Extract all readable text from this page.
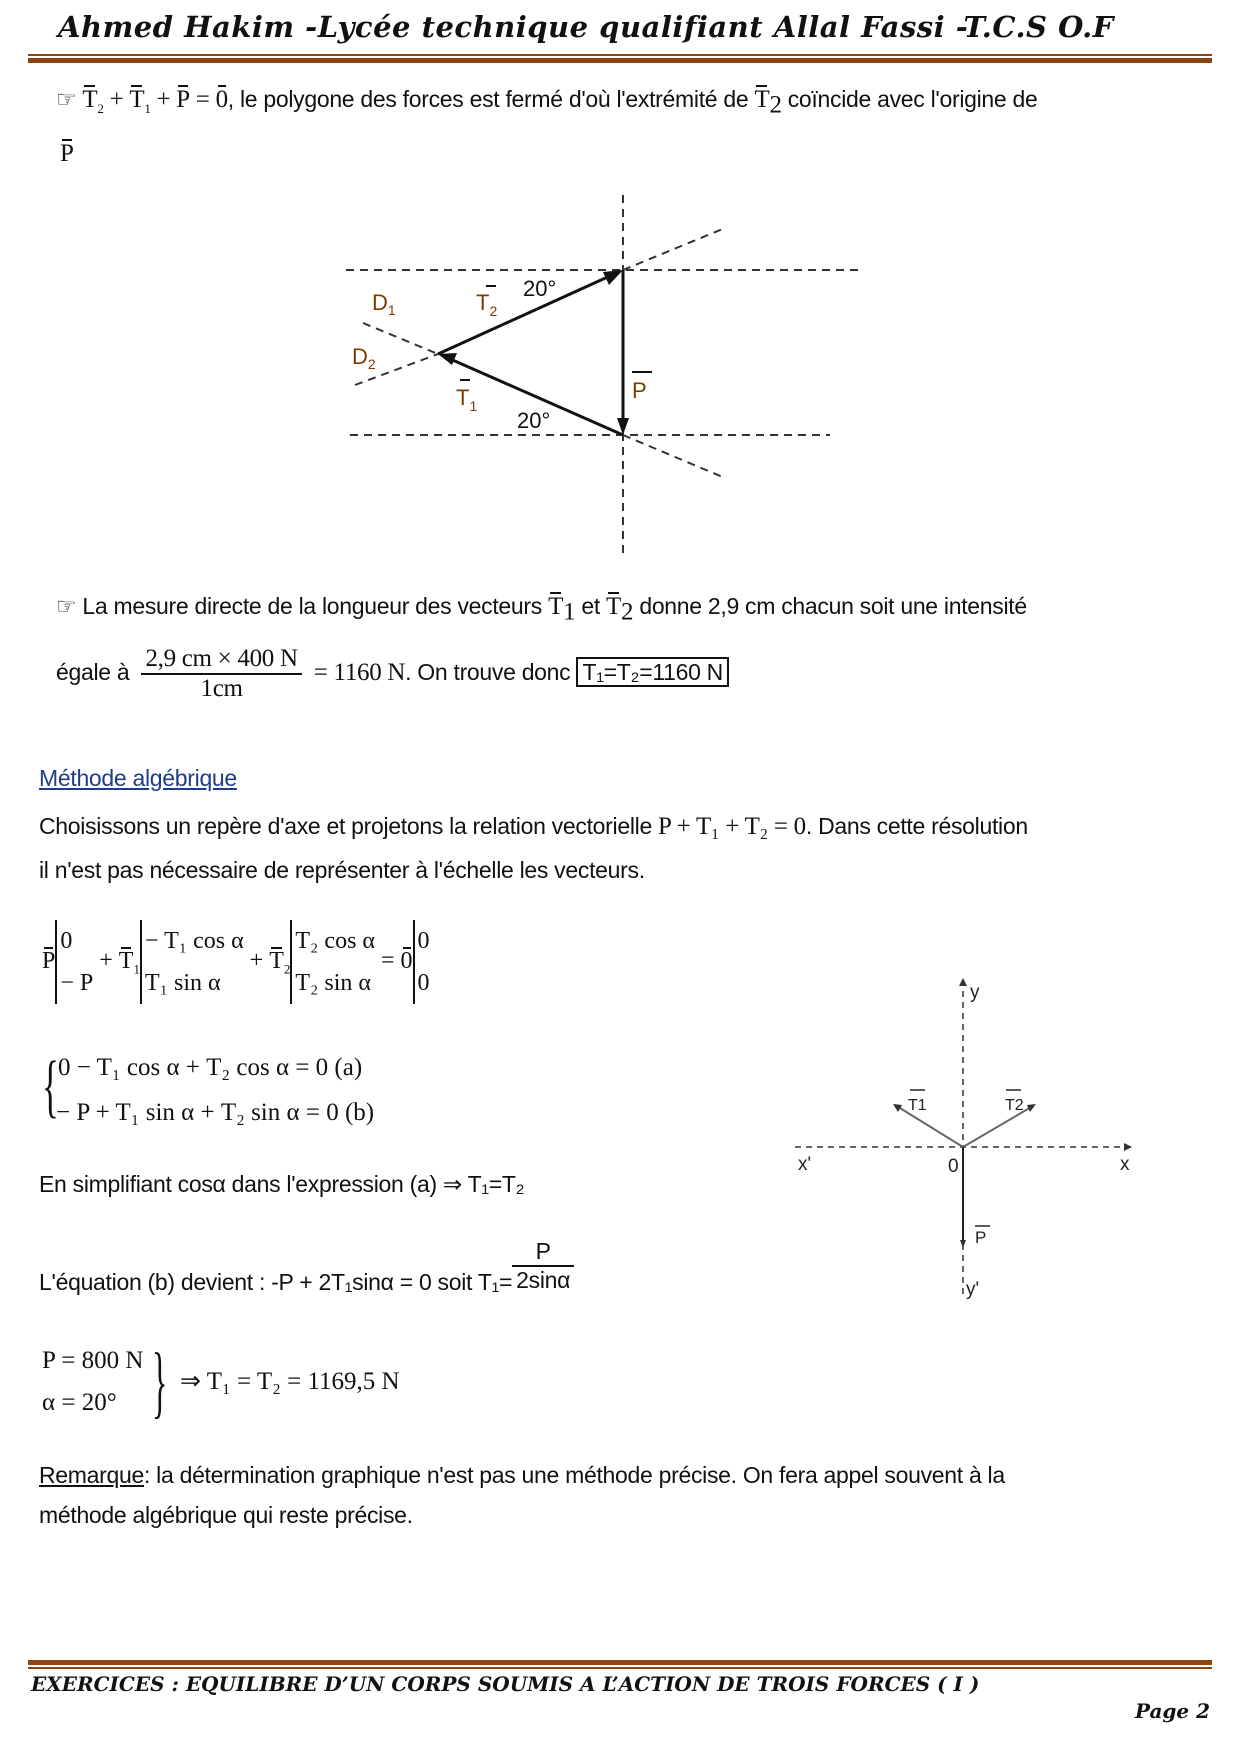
Ahmed Hakim -Lycée technique qualifiant Allal Fassi -T.C.S O.F
☞ $T_2 + T_1 + P = 0$, le polygone des forces est fermé d'où l'extrémité de $T_2$ coïncide avec l'origine de
P
$D_1$
$D_2$
$T_2$
$T_1$
P
20°
20°
☞ La mesure directe de la longueur des vecteurs $T_1$ et $T_2$ donne 2,9 cm chacun soit une intensité
égale à $\frac{2,9 cm \times 400 N}{1cm} = 1160$ N. On trouve donc T₁=T₂=1160 N
Méthode algébrique
Choisissons un repère d'axe et projetons la relation vectorielle P + T₁ + T₂ = 0. Dans cette résolution
il n'est pas nécessaire de représenter à l'échelle les vecteurs.
P0
− $P + T_1- T_1$ cos α
T₁ $\sin \alpha + T_2T_2$ cos α
T₂ sin α = 00
0
{ 0 − T₁ cos α + T₂ cos α = 0 (a)
− P + T₁ sin α + T₂ sin α = 0 (b)
En simplifiant cosα dans l'expression (a) ⇒ T₁=T₂
L'équation (b) devient : -P + 2T₁sinα = 0 soit $T_1= \frac{P}{2\sin\alpha}$
P = 800 N
α = 20° } ⇒ T₁ = T₂ = 1169,5 N
y
y'
x
x'	0
T1	T2
P
Remarque: la détermination graphique n'est pas une méthode précise. On fera appel souvent à la
méthode algébrique qui reste précise.
EXERCICES : EQUILIBRE D’UN CORPS SOUMIS A L’ACTION DE TROIS FORCES ( I )
Page 2
